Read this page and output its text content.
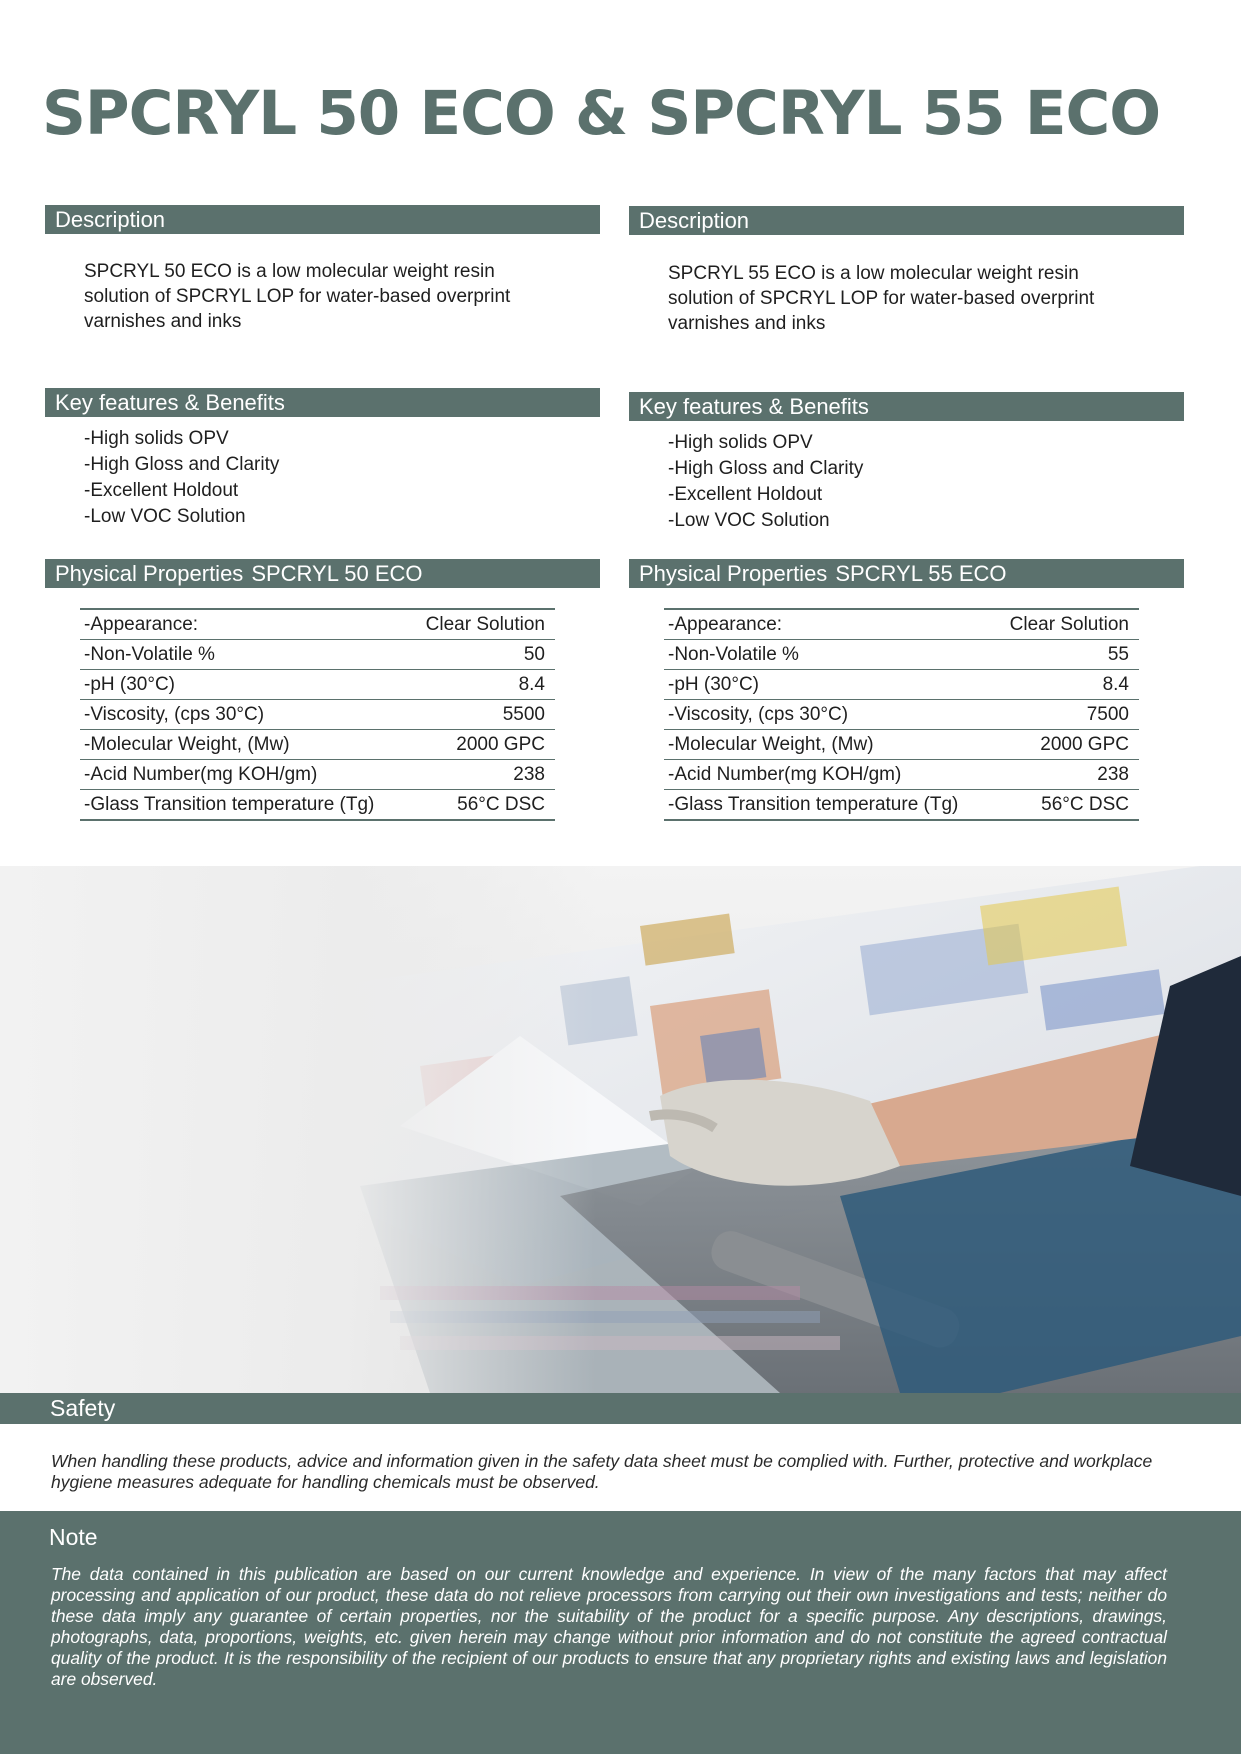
SPCRYL 50 ECO & SPCRYL 55 ECO
Description

SPCRYL 50 ECO is a low molecular weight resin solution of SPCRYL LOP for water-based overprint varnishes and inks

Key features & Benefits
-High solids OPV
-High Gloss and Clarity
-Excellent Holdout
-Low VOC Solution
Physical Properties SPCRYL 50 ECO
-Appearance:	Clear Solution
-Non-Volatile %	50
-pH (30°C)	8.4
-Viscosity, (cps 30°C)	5500
-Molecular Weight, (Mw)	2000 GPC
-Acid Number(mg KOH/gm)	238
-Glass Transition temperature (Tg)	56°C DSC
Description

SPCRYL 55 ECO is a low molecular weight resin solution of SPCRYL LOP for water-based overprint varnishes and inks

Key features & Benefits
-High solids OPV
-High Gloss and Clarity
-Excellent Holdout
-Low VOC Solution
Physical Properties SPCRYL 55 ECO
-Appearance:	Clear Solution
-Non-Volatile %	55
-pH (30°C)	8.4
-Viscosity, (cps 30°C)	7500
-Molecular Weight, (Mw)	2000 GPC
-Acid Number(mg KOH/gm)	238
-Glass Transition temperature (Tg)	56°C DSC
Safety

When handling these products, advice and information given in the safety data sheet must be complied with. Further, protective and workplace hygiene measures adequate for handling chemicals must be observed.

Note

The data contained in this publication are based on our current knowledge and experience. In view of the many factors that may affect processing and application of our product, these data do not relieve processors from carrying out their own investigations and tests; neither do these data imply any guarantee of certain properties, nor the suitability of the product for a specific purpose. Any descriptions, drawings, photographs, data, proportions, weights, etc. given herein may change without prior information and do not constitute the agreed contractual quality of the product. It is the responsibility of the recipient of our products to ensure that any proprietary rights and existing laws and legislation are observed.
